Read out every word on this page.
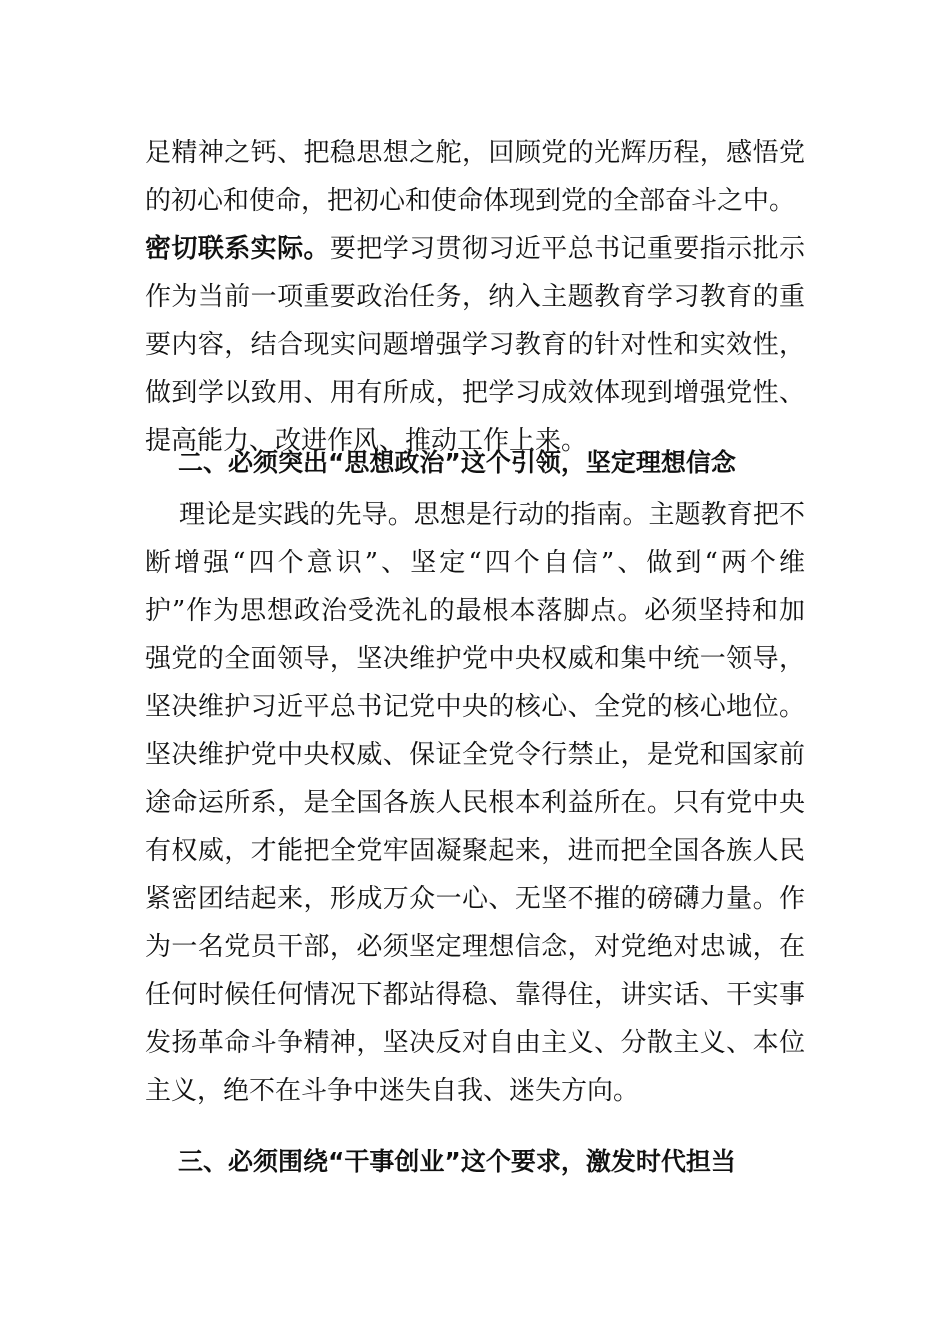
足精神之钙、把稳思想之舵，回顾党的光辉历程，感悟党
的初心和使命，把初心和使命体现到党的全部奋斗之中。
密切联系实际。要把学习贯彻习近平总书记重要指示批示
作为当前一项重要政治任务，纳入主题教育学习教育的重
要内容，结合现实问题增强学习教育的针对性和实效性，
做到学以致用、用有所成，把学习成效体现到增强党性、
提高能力、改进作风、推动工作上来。
二、必须突出“思想政治”这个引领，坚定理想信念
理论是实践的先导。思想是行动的指南。主题教育把不
断增强“四个意识”、坚定“四个自信”、做到“两个维
护”作为思想政治受洗礼的最根本落脚点。必须坚持和加
强党的全面领导，坚决维护党中央权威和集中统一领导，
坚决维护习近平总书记党中央的核心、全党的核心地位。
坚决维护党中央权威、保证全党令行禁止，是党和国家前
途命运所系，是全国各族人民根本利益所在。只有党中央
有权威，才能把全党牢固凝聚起来，进而把全国各族人民
紧密团结起来，形成万众一心、无坚不摧的磅礴力量。作
为一名党员干部，必须坚定理想信念，对党绝对忠诚，在
任何时候任何情况下都站得稳、靠得住，讲实话、干实事
发扬革命斗争精神，坚决反对自由主义、分散主义、本位
主义，绝不在斗争中迷失自我、迷失方向。
三、必须围绕“干事创业”这个要求，激发时代担当
